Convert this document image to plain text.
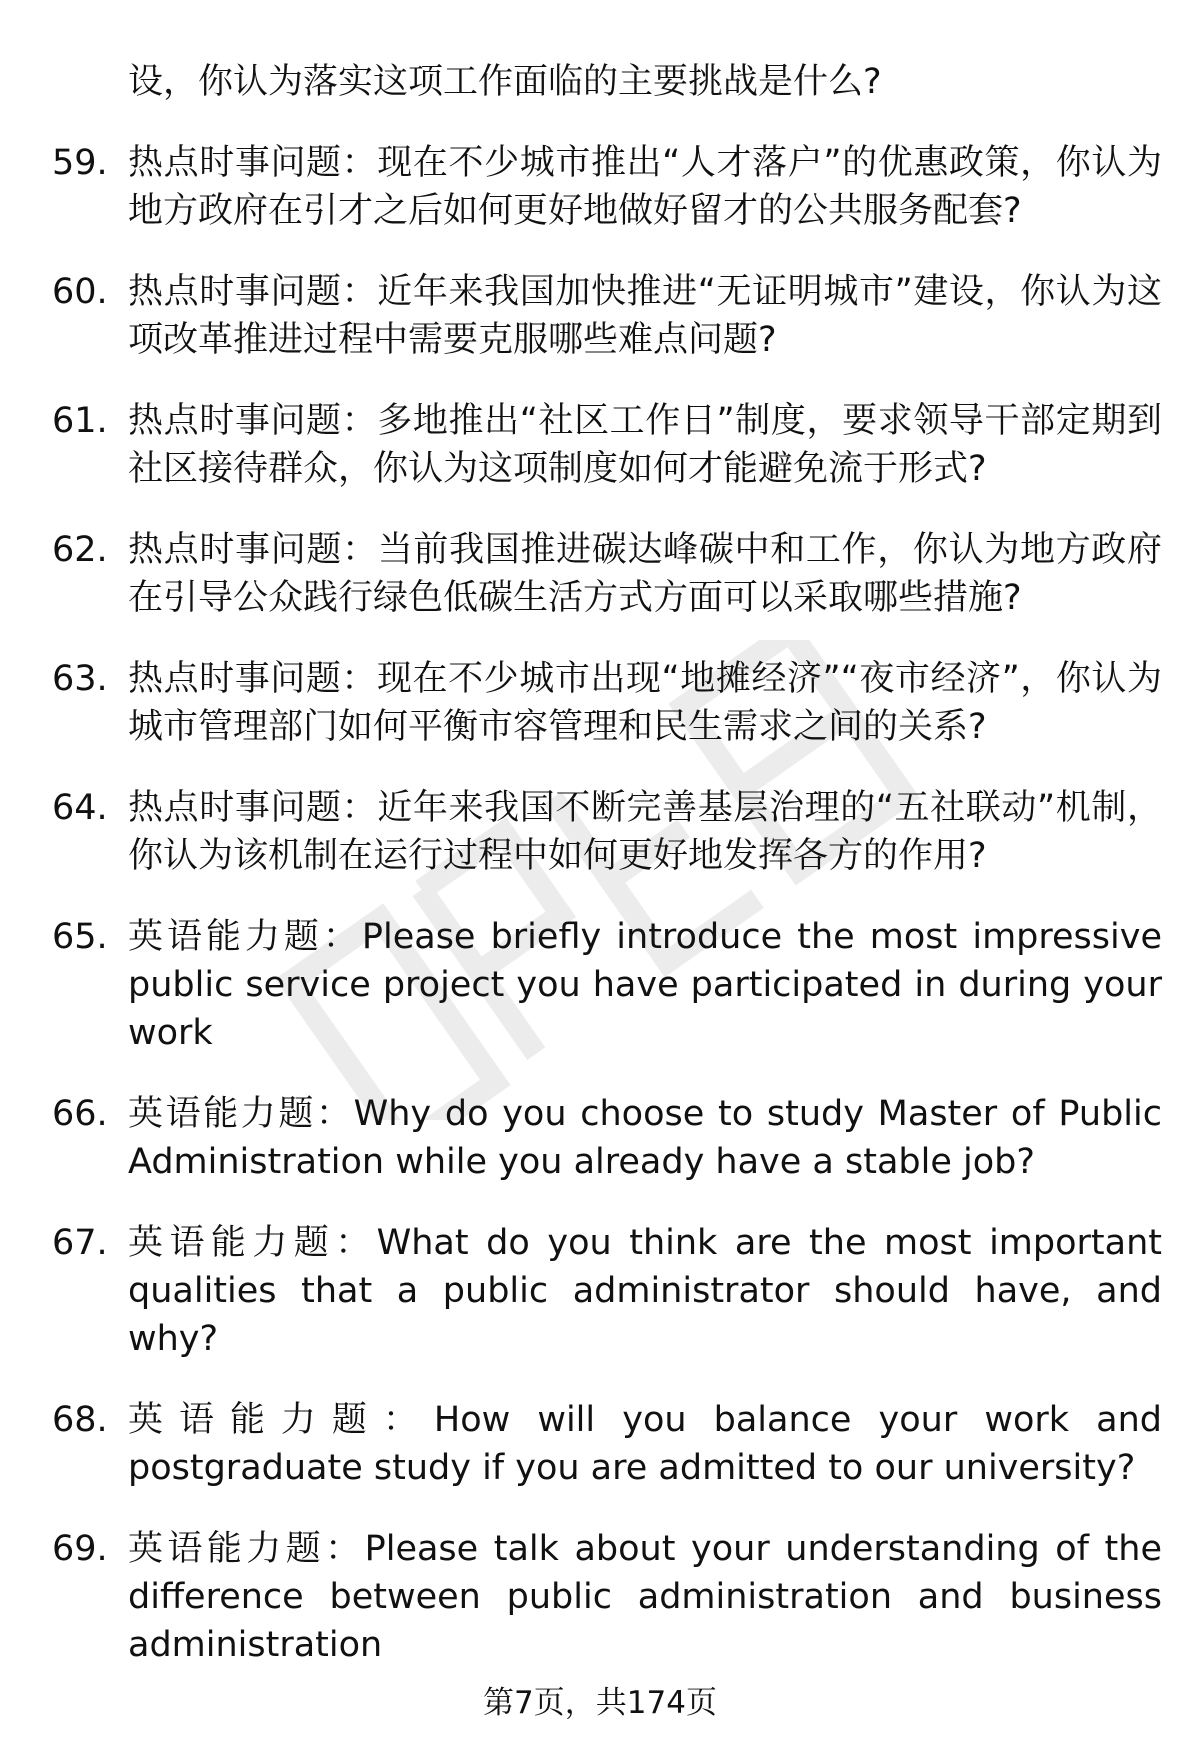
设，你认为落实这项工作面临的主要挑战是什么?
59. 热点时事问题：现在不少城市推出“人才落户”的优惠政策，你认为地方政府在引才之后如何更好地做好留才的公共服务配套?
60. 热点时事问题：近年来我国加快推进“无证明城市”建设，你认为这项改革推进过程中需要克服哪些难点问题?
61. 热点时事问题：多地推出“社区工作日”制度，要求领导干部定期到社区接待群众，你认为这项制度如何才能避免流于形式?
62. 热点时事问题：当前我国推进碳达峰碳中和工作，你认为地方政府在引导公众践行绿色低碳生活方式方面可以采取哪些措施?
63. 热点时事问题：现在不少城市出现“地摊经济”“夜市经济”，你认为城市管理部门如何平衡市容管理和民生需求之间的关系?
64. 热点时事问题：近年来我国不断完善基层治理的“五社联动”机制，你认为该机制在运行过程中如何更好地发挥各方的作用?
65. 英语能力题：Please briefly introduce the most impressive public service project you have participated in during your work
66. 英语能力题：Why do you choose to study Master of Public Administration while you already have a stable job?
67. 英语能力题：What do you think are the most important qualities that a public administrator should have, and why?
68. 英语能力题：How will you balance your work and postgraduate study if you are admitted to our university?
69. 英语能力题：Please talk about your understanding of the difference between public administration and business administration
第7页，共174页
